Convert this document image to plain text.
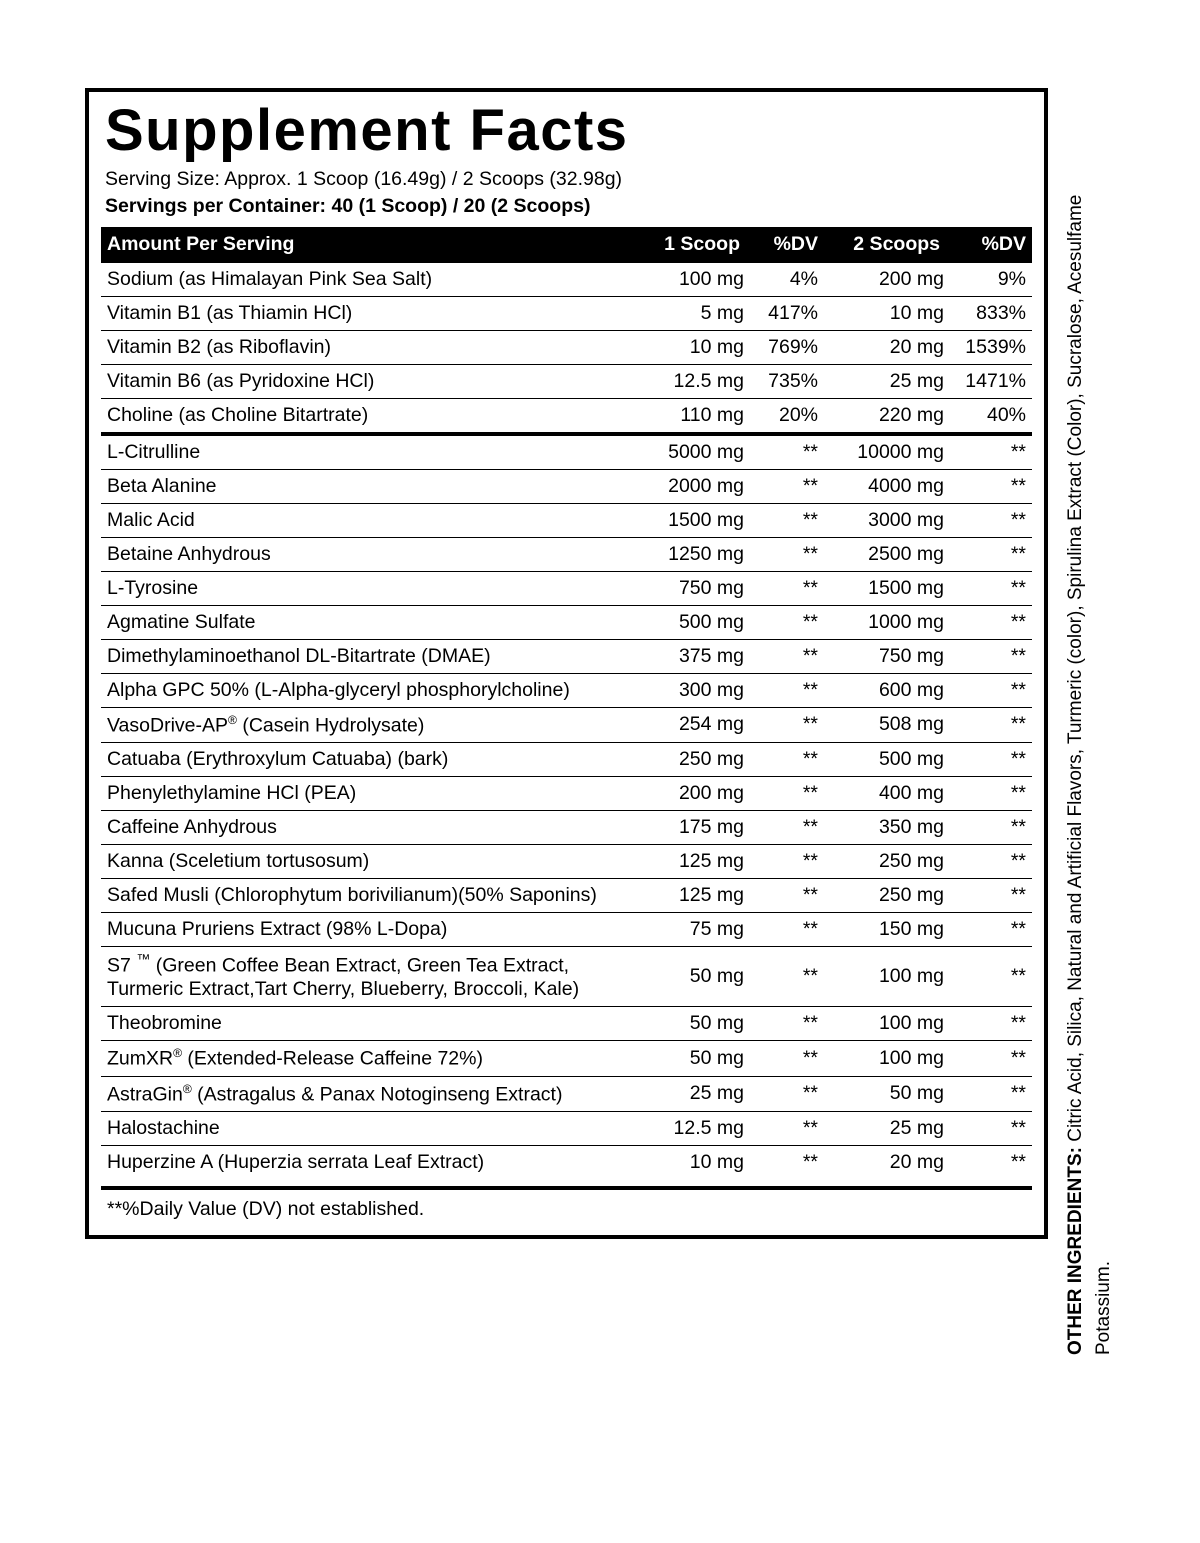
Supplement Facts
Serving Size: Approx. 1 Scoop (16.49g) / 2 Scoops (32.98g)
Servings per Container: 40 (1 Scoop) / 20 (2 Scoops)
Amount Per Serving	1 Scoop	%DV	2 Scoops	%DV
Sodium (as Himalayan Pink Sea Salt)	100 mg	4%	200 mg	9%
Vitamin B1 (as Thiamin HCl)	5 mg	417%	10 mg	833%
Vitamin B2 (as Riboflavin)	10 mg	769%	20 mg	1539%
Vitamin B6 (as Pyridoxine HCl)	12.5 mg	735%	25 mg	1471%
Choline (as Choline Bitartrate)	110 mg	20%	220 mg	40%
L-Citrulline	5000 mg	**	10000 mg	**
Beta Alanine	2000 mg	**	4000 mg	**
Malic Acid	1500 mg	**	3000 mg	**
Betaine Anhydrous	1250 mg	**	2500 mg	**
L-Tyrosine	750 mg	**	1500 mg	**
Agmatine Sulfate	500 mg	**	1000 mg	**
Dimethylaminoethanol DL-Bitartrate (DMAE)	375 mg	**	750 mg	**
Alpha GPC 50% (L-Alpha-glyceryl phosphorylcholine)	300 mg	**	600 mg	**
VasoDrive-AP® (Casein Hydrolysate)	254 mg	**	508 mg	**
Catuaba (Erythroxylum Catuaba) (bark)	250 mg	**	500 mg	**
Phenylethylamine HCl (PEA)	200 mg	**	400 mg	**
Caffeine Anhydrous	175 mg	**	350 mg	**
Kanna (Sceletium tortusosum)	125 mg	**	250 mg	**
Safed Musli (Chlorophytum borivilianum)(50% Saponins)	125 mg	**	250 mg	**
Mucuna Pruriens Extract (98% L-Dopa)	75 mg	**	150 mg	**
S7 ™ (Green Coffee Bean Extract, Green Tea Extract,
Turmeric Extract,Tart Cherry, Blueberry, Broccoli, Kale)	50 mg	**	100 mg	**
Theobromine	50 mg	**	100 mg	**
ZumXR® (Extended-Release Caffeine 72%)	50 mg	**	100 mg	**
AstraGin® (Astragalus & Panax Notoginseng Extract)	25 mg	**	50 mg	**
Halostachine	12.5 mg	**	25 mg	**
Huperzine A (Huperzia serrata Leaf Extract)	10 mg	**	20 mg	**
**%Daily Value (DV) not established.	OTHER INGREDIENTS: Citric Acid, Silica, Natural and Artificial Flavors, Turmeric (color), Spirulina Extract (Color), Sucralose, Acesulfame Potassium.
